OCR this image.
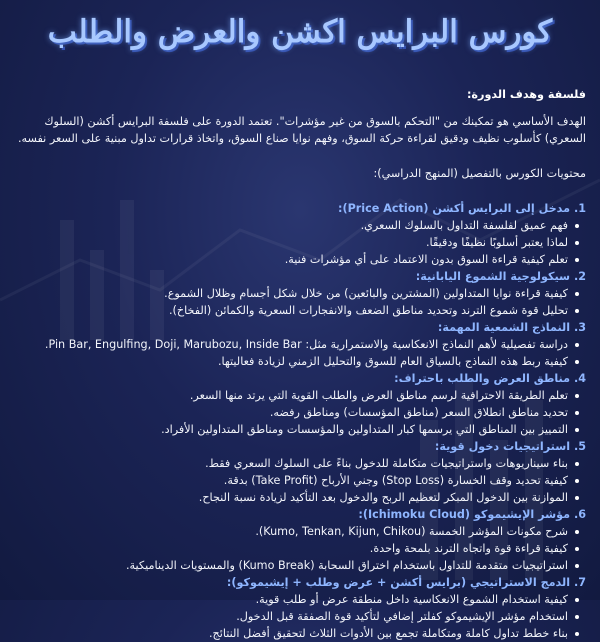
كورس البرايس اكشن والعرض والطلب

فلسفة وهدف الدورة:

الهدف الأساسي هو تمكينك من "التحكم بالسوق من غير مؤشرات". تعتمد الدورة على فلسفة البرايس أكشن (السلوك السعري) كأسلوب نظيف ودقيق لقراءة حركة السوق، وفهم نوايا صناع السوق، واتخاذ قرارات تداول مبنية على السعر نفسه.

محتويات الكورس بالتفصيل (المنهج الدراسي):

1. مدخل إلى البرايس أكشن (Price Action):

فهم عميق لفلسفة التداول بالسلوك السعري.
لماذا يعتبر أسلوبًا نظيفًا ودقيقًا.
تعلم كيفية قراءة السوق بدون الاعتماد على أي مؤشرات فنية.

2. سيكولوجية الشموع اليابانية:

كيفية قراءة نوايا المتداولين (المشترين والبائعين) من خلال شكل أجسام وظلال الشموع.
تحليل قوة شموع الترند وتحديد مناطق الضعف والانفجارات السعرية والكمائن (الفخاخ).

3. النماذج الشمعية المهمة:

دراسة تفصيلية لأهم النماذج الانعكاسية والاستمرارية مثل: Pin Bar, Engulfing, Doji, Marubozu, Inside Bar.
كيفية ربط هذه النماذج بالسياق العام للسوق والتحليل الزمني لزيادة فعاليتها.

4. مناطق العرض والطلب باحتراف:

تعلم الطريقة الاحترافية لرسم مناطق العرض والطلب القوية التي يرتد منها السعر.
تحديد مناطق انطلاق السعر (مناطق المؤسسات) ومناطق رفضه.
التمييز بين المناطق التي يرسمها كبار المتداولين والمؤسسات ومناطق المتداولين الأفراد.

5. استراتيجيات دخول قوية:

بناء سيناريوهات واستراتيجيات متكاملة للدخول بناءً على السلوك السعري فقط.
كيفية تحديد وقف الخسارة (Stop Loss) وجني الأرباح (Take Profit) بدقة.
الموازنة بين الدخول المبكر لتعظيم الربح والدخول بعد التأكيد لزيادة نسبة النجاح.

6. مؤشر الإيشيموكو (Ichimoku Cloud):

شرح مكونات المؤشر الخمسة (Kumo, Tenkan, Kijun, Chikou).
كيفية قراءة قوة واتجاه الترند بلمحة واحدة.
استراتيجيات متقدمة للتداول باستخدام اختراق السحابة (Kumo Break) والمستويات الديناميكية.

7. الدمج الاستراتيجي (برايس أكشن + عرض وطلب + إيشيموكو):

كيفية استخدام الشموع الانعكاسية داخل منطقة عرض أو طلب قوية.
استخدام مؤشر الإيشيموكو كفلتر إضافي لتأكيد قوة الصفقة قبل الدخول.
بناء خطط تداول كاملة ومتكاملة تجمع بين الأدوات الثلاث لتحقيق أفضل النتائج.
